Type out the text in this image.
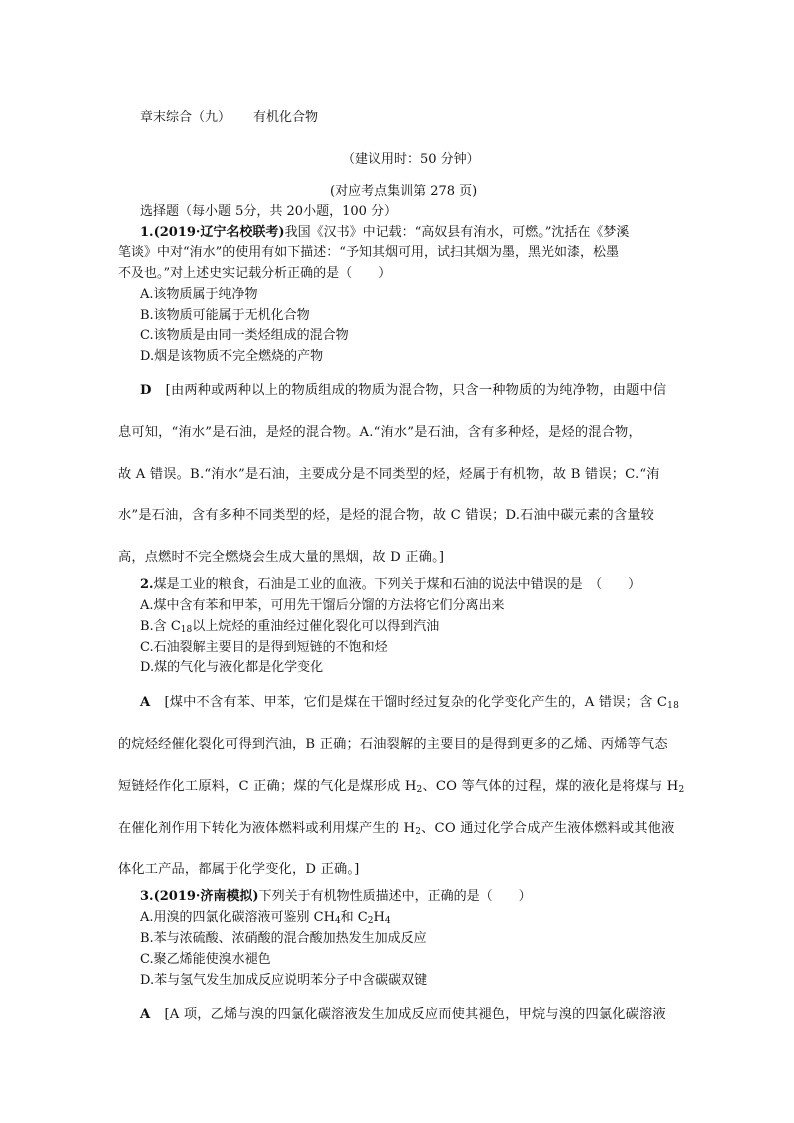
章末综合（九） 有机化合物
（建议用时：50 分钟）
(对应考点集训第 278 页)
选择题（每小题 5分，共 20小题，100 分）
1.(2019·辽宁名校联考)我国《汉书》中记载：“高奴县有洧水，可燃。”沈括在《梦溪
笔谈》中对“洧水”的使用有如下描述：“予知其烟可用，试扫其烟为墨，黑光如漆，松墨
不及也。”对上述史实记载分析正确的是（　　）
A.该物质属于纯净物
B.该物质可能属于无机化合物
C.该物质是由同一类烃组成的混合物
D.烟是该物质不完全燃烧的产物
D [由两种或两种以上的物质组成的物质为混合物，只含一种物质的为纯净物，由题中信
息可知，“洧水”是石油，是烃的混合物。A.“洧水”是石油，含有多种烃，是烃的混合物，
故 A 错误。B.“洧水”是石油，主要成分是不同类型的烃，烃属于有机物，故 B 错误；C.“洧
水”是石油，含有多种不同类型的烃，是烃的混合物，故 C 错误；D.石油中碳元素的含量较
高，点燃时不完全燃烧会生成大量的黑烟，故 D 正确。]
2.煤是工业的粮食，石油是工业的血液。下列关于煤和石油的说法中错误的是　（　　）
A.煤中含有苯和甲苯，可用先干馏后分馏的方法将它们分离出来
B.含 $C_{18}$以上烷烃的重油经过催化裂化可以得到汽油
C.石油裂解主要目的是得到短链的不饱和烃
D.煤的气化与液化都是化学变化
A [煤中不含有苯、甲苯，它们是煤在干馏时经过复杂的化学变化产生的，A 错误；含 $C_{18}$
的烷烃经催化裂化可得到汽油，B 正确；石油裂解的主要目的是得到更多的乙烯、丙烯等气态
短链烃作化工原料，C 正确；煤的气化是煤形成 $H_2$、CO 等气体的过程，煤的液化是将煤与 $H_2$
在催化剂作用下转化为液体燃料或利用煤产生的 $H_2$、CO 通过化学合成产生液体燃料或其他液
体化工产品，都属于化学变化，D 正确。]
3.(2019·济南模拟)下列关于有机物性质描述中，正确的是（　　）
A.用溴的四氯化碳溶液可鉴别 $CH_4$和 $C_2H_4$
B.苯与浓硫酸、浓硝酸的混合酸加热发生加成反应
C.聚乙烯能使溴水褪色
D.苯与氢气发生加成反应说明苯分子中含碳碳双键
A [A 项，乙烯与溴的四氯化碳溶液发生加成反应而使其褪色，甲烷与溴的四氯化碳溶液
